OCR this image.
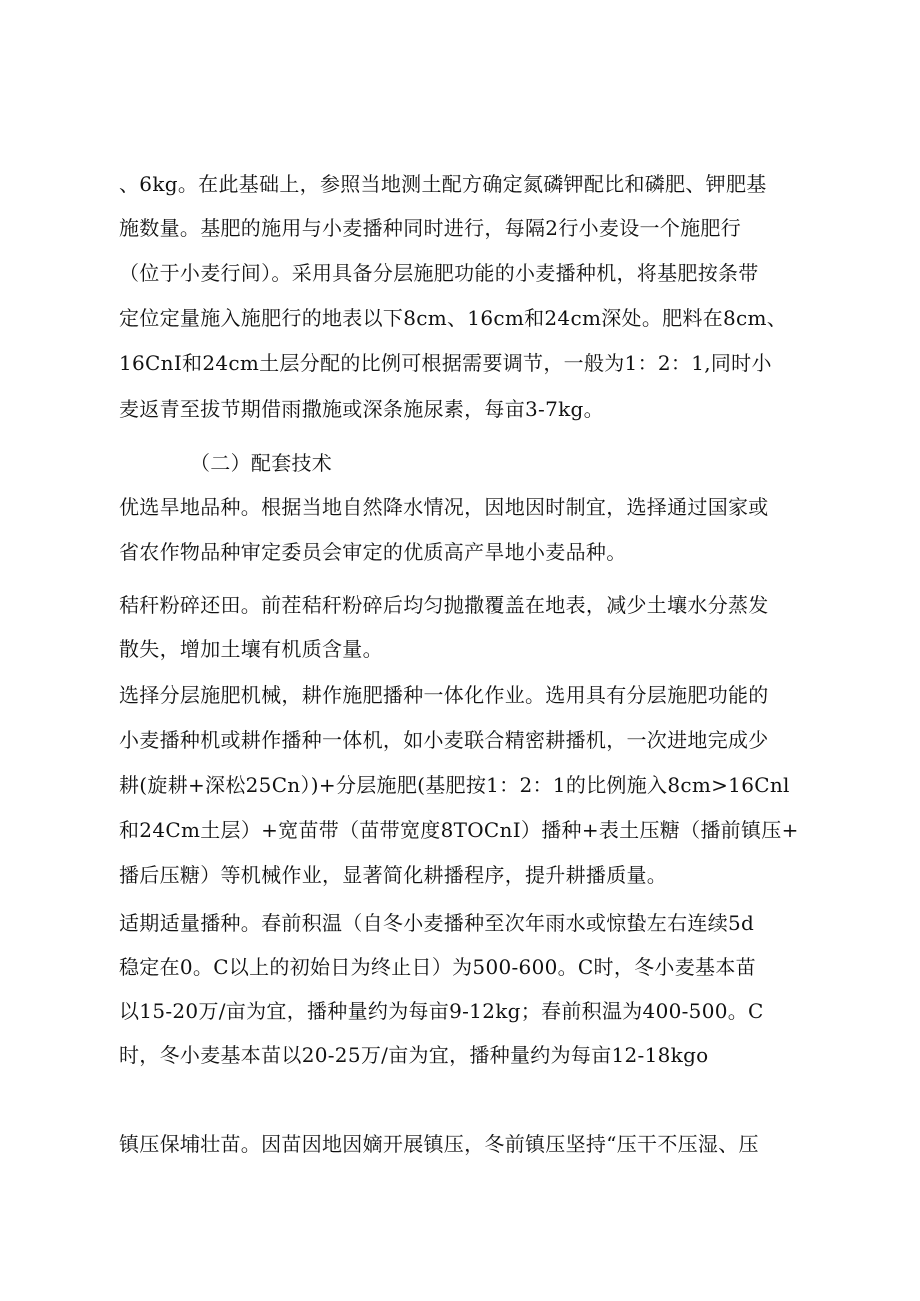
、6kg。在此基础上，参照当地测土配方确定氮磷钾配比和磷肥、钾肥基
施数量。基肥的施用与小麦播种同时进行，每隔2行小麦设一个施肥行
（位于小麦行间）。采用具备分层施肥功能的小麦播种机，将基肥按条带
定位定量施入施肥行的地表以下8cm、16cm和24cm深处。肥料在8cm、
16CnI和24cm土层分配的比例可根据需要调节，一般为1：2：1,同时小
麦返青至拔节期借雨撒施或深条施尿素，每亩3-7kg。
（二）配套技术
优选旱地品种。根据当地自然降水情况，因地因时制宜，选择通过国家或
省农作物品种审定委员会审定的优质高产旱地小麦品种。
秸秆粉碎还田。前茬秸秆粉碎后均匀抛撒覆盖在地表，减少土壤水分蒸发
散失，增加土壤有机质含量。
选择分层施肥机械，耕作施肥播种一体化作业。选用具有分层施肥功能的
小麦播种机或耕作播种一体机，如小麦联合精密耕播机，一次进地完成少
耕(旋耕+深松25Cn）)+分层施肥(基肥按1：2：1的比例施入8cm>16Cnl
和24Cm土层）+宽苗带（苗带宽度8TOCnI）播种+表土压糖（播前镇压+
播后压糖）等机械作业，显著简化耕播程序，提升耕播质量。
适期适量播种。春前积温（自冬小麦播种至次年雨水或惊蛰左右连续5d
稳定在0。C以上的初始日为终止日）为500-600。C时，冬小麦基本苗
以15-20万/亩为宜，播种量约为每亩9-12kg；春前积温为400-500。C
时，冬小麦基本苗以20-25万/亩为宜，播种量约为每亩12-18kgo
镇压保埔壮苗。因苗因地因嫡开展镇压，冬前镇压坚持“压干不压湿、压
